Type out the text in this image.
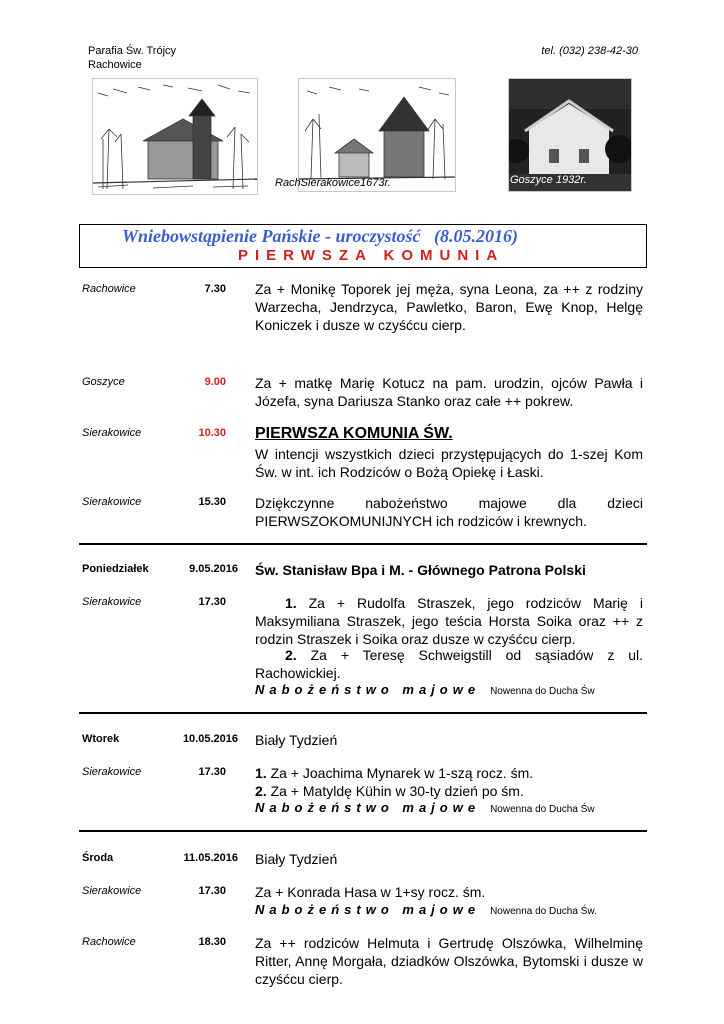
Parafia Św. Trójcy
Rachowice
tel. (032) 238-42-30
RachSierakowice1673r.	Goszyce 1932r.
Wniebowstąpienie Pańskie - uroczystość (8.05.2016)
PIERWSZA KOMUNIA
Rachowice	7.30 Za + Monikę Toporek jej męża, syna Leona, za ++ z rodziny Warzecha, Jendrzyca, Pawletko, Baron, Ewę Knop, Helgę Koniczek i dusze w czyśćcu cierp.
Goszyce	9.00 Za + matkę Marię Kotucz na pam. urodzin, ojców Pawła i Józefa, syna Dariusza Stanko oraz całe ++ pokrew.
Sierakowice	10.30 PIERWSZA KOMUNIA ŚW.
W intencji wszystkich dzieci przystępujących do 1-szej Kom Św. w int. ich Rodziców o Bożą Opiekę i Łaski.
Sierakowice	15.30 Dziękczynne nabożeństwo majowe dla dzieci PIERWSZOKOMUNIJNYCH ich rodziców i krewnych.
Poniedziałek	9.05.2016 Św. Stanisław Bpa i M. - Głównego Patrona Polski
Sierakowice	17.30	1. Za + Rudolfa Straszek, jego rodziców Marię i Maksymiliana Straszek, jego teścia Horsta Soika oraz ++ z rodzin Straszek i Soika oraz dusze w czyśćcu cierp.
2. Za + Teresę Schweigstill od sąsiadów z ul. Rachowickiej.
Nabożeństwo majowe Nowenna do Ducha Św
Wtorek	10.05.2016 Biały Tydzień
Sierakowice	17.30 1. Za + Joachima Mynarek w 1-szą rocz. śm.
2. Za + Matyldę Kühin w 30-ty dzień po śm.
Nabożeństwo majowe Nowenna do Ducha Św
Środa	11.05.2016 Biały Tydzień
Sierakowice	17.30 Za + Konrada Hasa w 1+sy rocz. śm.
Nabożeństwo majowe Nowenna do Ducha Św.
Rachowice	18.30 Za ++ rodziców Helmuta i Gertrudę Olszówka, Wilhelminę Ritter, Annę Morgała, dziadków Olszówka, Bytomski i dusze w czyśćcu cierp.
